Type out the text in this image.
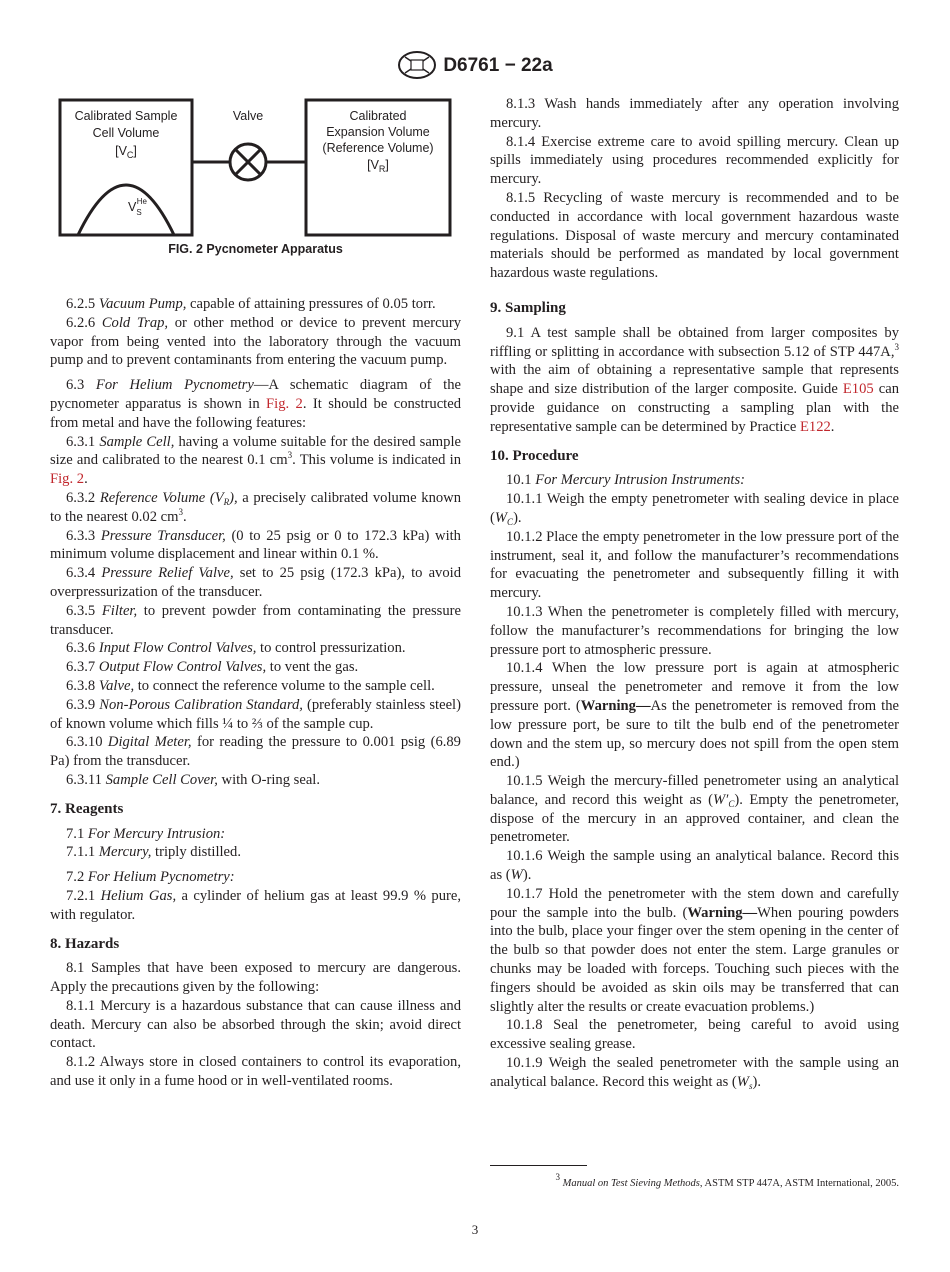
D6761 − 22a
Calibrated Sample
Cell Volume
$[V_C]$
Valve	Calibrated
Expansion Volume
(Reference Volume)
$[V_R]$
$V_SHe$
FIG. 2 Pycnometer Apparatus

6.2.5 Vacuum Pump, capable of attaining pressures of 0.05 torr.

6.2.6 Cold Trap, or other method or device to prevent mercury vapor from being vented into the laboratory through the vacuum pump and to prevent contaminants from entering the vacuum pump.

6.3 For Helium Pycnometry—A schematic diagram of the pycnometer apparatus is shown in Fig. 2. It should be constructed from metal and have the following features:

6.3.1 Sample Cell, having a volume suitable for the desired sample size and calibrated to the nearest 0.1 $cm^3$. This volume is indicated in Fig. 2.

6.3.2 Reference Volume $(V_R)$, a precisely calibrated volume known to the nearest 0.02 $cm^3$.

6.3.3 Pressure Transducer, (0 to 25 psig or 0 to 172.3 kPa) with minimum volume displacement and linear within 0.1 %.

6.3.4 Pressure Relief Valve, set to 25 psig (172.3 kPa), to avoid overpressurization of the transducer.

6.3.5 Filter, to prevent powder from contaminating the pressure transducer.

6.3.6 Input Flow Control Valves, to control pressurization.

6.3.7 Output Flow Control Valves, to vent the gas.

6.3.8 Valve, to connect the reference volume to the sample cell.

6.3.9 Non-Porous Calibration Standard, (preferably stainless steel) of known volume which fills ¼ to ⅔ of the sample cup.

6.3.10 Digital Meter, for reading the pressure to 0.001 psig (6.89 Pa) from the transducer.

6.3.11 Sample Cell Cover, with O-ring seal.

7. Reagents

7.1 For Mercury Intrusion:

7.1.1 Mercury, triply distilled.

7.2 For Helium Pycnometry:

7.2.1 Helium Gas, a cylinder of helium gas at least 99.9 % pure, with regulator.

8. Hazards

8.1 Samples that have been exposed to mercury are dangerous. Apply the precautions given by the following:

8.1.1 Mercury is a hazardous substance that can cause illness and death. Mercury can also be absorbed through the skin; avoid direct contact.

8.1.2 Always store in closed containers to control its evaporation, and use it only in a fume hood or in well-ventilated rooms.

8.1.3 Wash hands immediately after any operation involving mercury.

8.1.4 Exercise extreme care to avoid spilling mercury. Clean up spills immediately using procedures recommended explicitly for mercury.

8.1.5 Recycling of waste mercury is recommended and to be conducted in accordance with local government hazardous waste regulations. Disposal of waste mercury and mercury contaminated materials should be performed as mandated by local government hazardous waste regulations.

9. Sampling

9.1 A test sample shall be obtained from larger composites by riffling or splitting in accordance with subsection 5.12 of STP 447A,$^3$ with the aim of obtaining a representative sample that represents shape and size distribution of the larger composite. Guide E105 can provide guidance on constructing a sampling plan with the representative sample can be determined by Practice E122.

10. Procedure

10.1 For Mercury Intrusion Instruments:

10.1.1 Weigh the empty penetrometer with sealing device in place $(W_C)$.

10.1.2 Place the empty penetrometer in the low pressure port of the instrument, seal it, and follow the manufacturer’s recommendations for evacuating the penetrometer and subsequently filling it with mercury.

10.1.3 When the penetrometer is completely filled with mercury, follow the manufacturer’s recommendations for bringing the low pressure port to atmospheric pressure.

10.1.4 When the low pressure port is again at atmospheric pressure, unseal the penetrometer and remove it from the low pressure port. (Warning—As the penetrometer is removed from the low pressure port, be sure to tilt the bulb end of the penetrometer down and the stem up, so mercury does not spill from the open stem end.)

10.1.5 Weigh the mercury-filled penetrometer using an analytical balance, and record this weight as $(W'_C)$. Empty the penetrometer, dispose of the mercury in an approved container, and clean the penetrometer.

10.1.6 Weigh the sample using an analytical balance. Record this as (W).

10.1.7 Hold the penetrometer with the stem down and carefully pour the sample into the bulb. (Warning—When pouring powders into the bulb, place your finger over the stem opening in the center of the bulb so that powder does not enter the stem. Large granules or chunks may be loaded with forceps. Touching such pieces with the fingers should be avoided as skin oils may be transferred that can slightly alter the results or create evacuation problems.)

10.1.8 Seal the penetrometer, being careful to avoid using excessive sealing grease.

10.1.9 Weigh the sealed penetrometer with the sample using an analytical balance. Record this weight as $(W_s)$.

$^3$ Manual on Test Sieving Methods, ASTM STP 447A, ASTM International, 2005.
3
